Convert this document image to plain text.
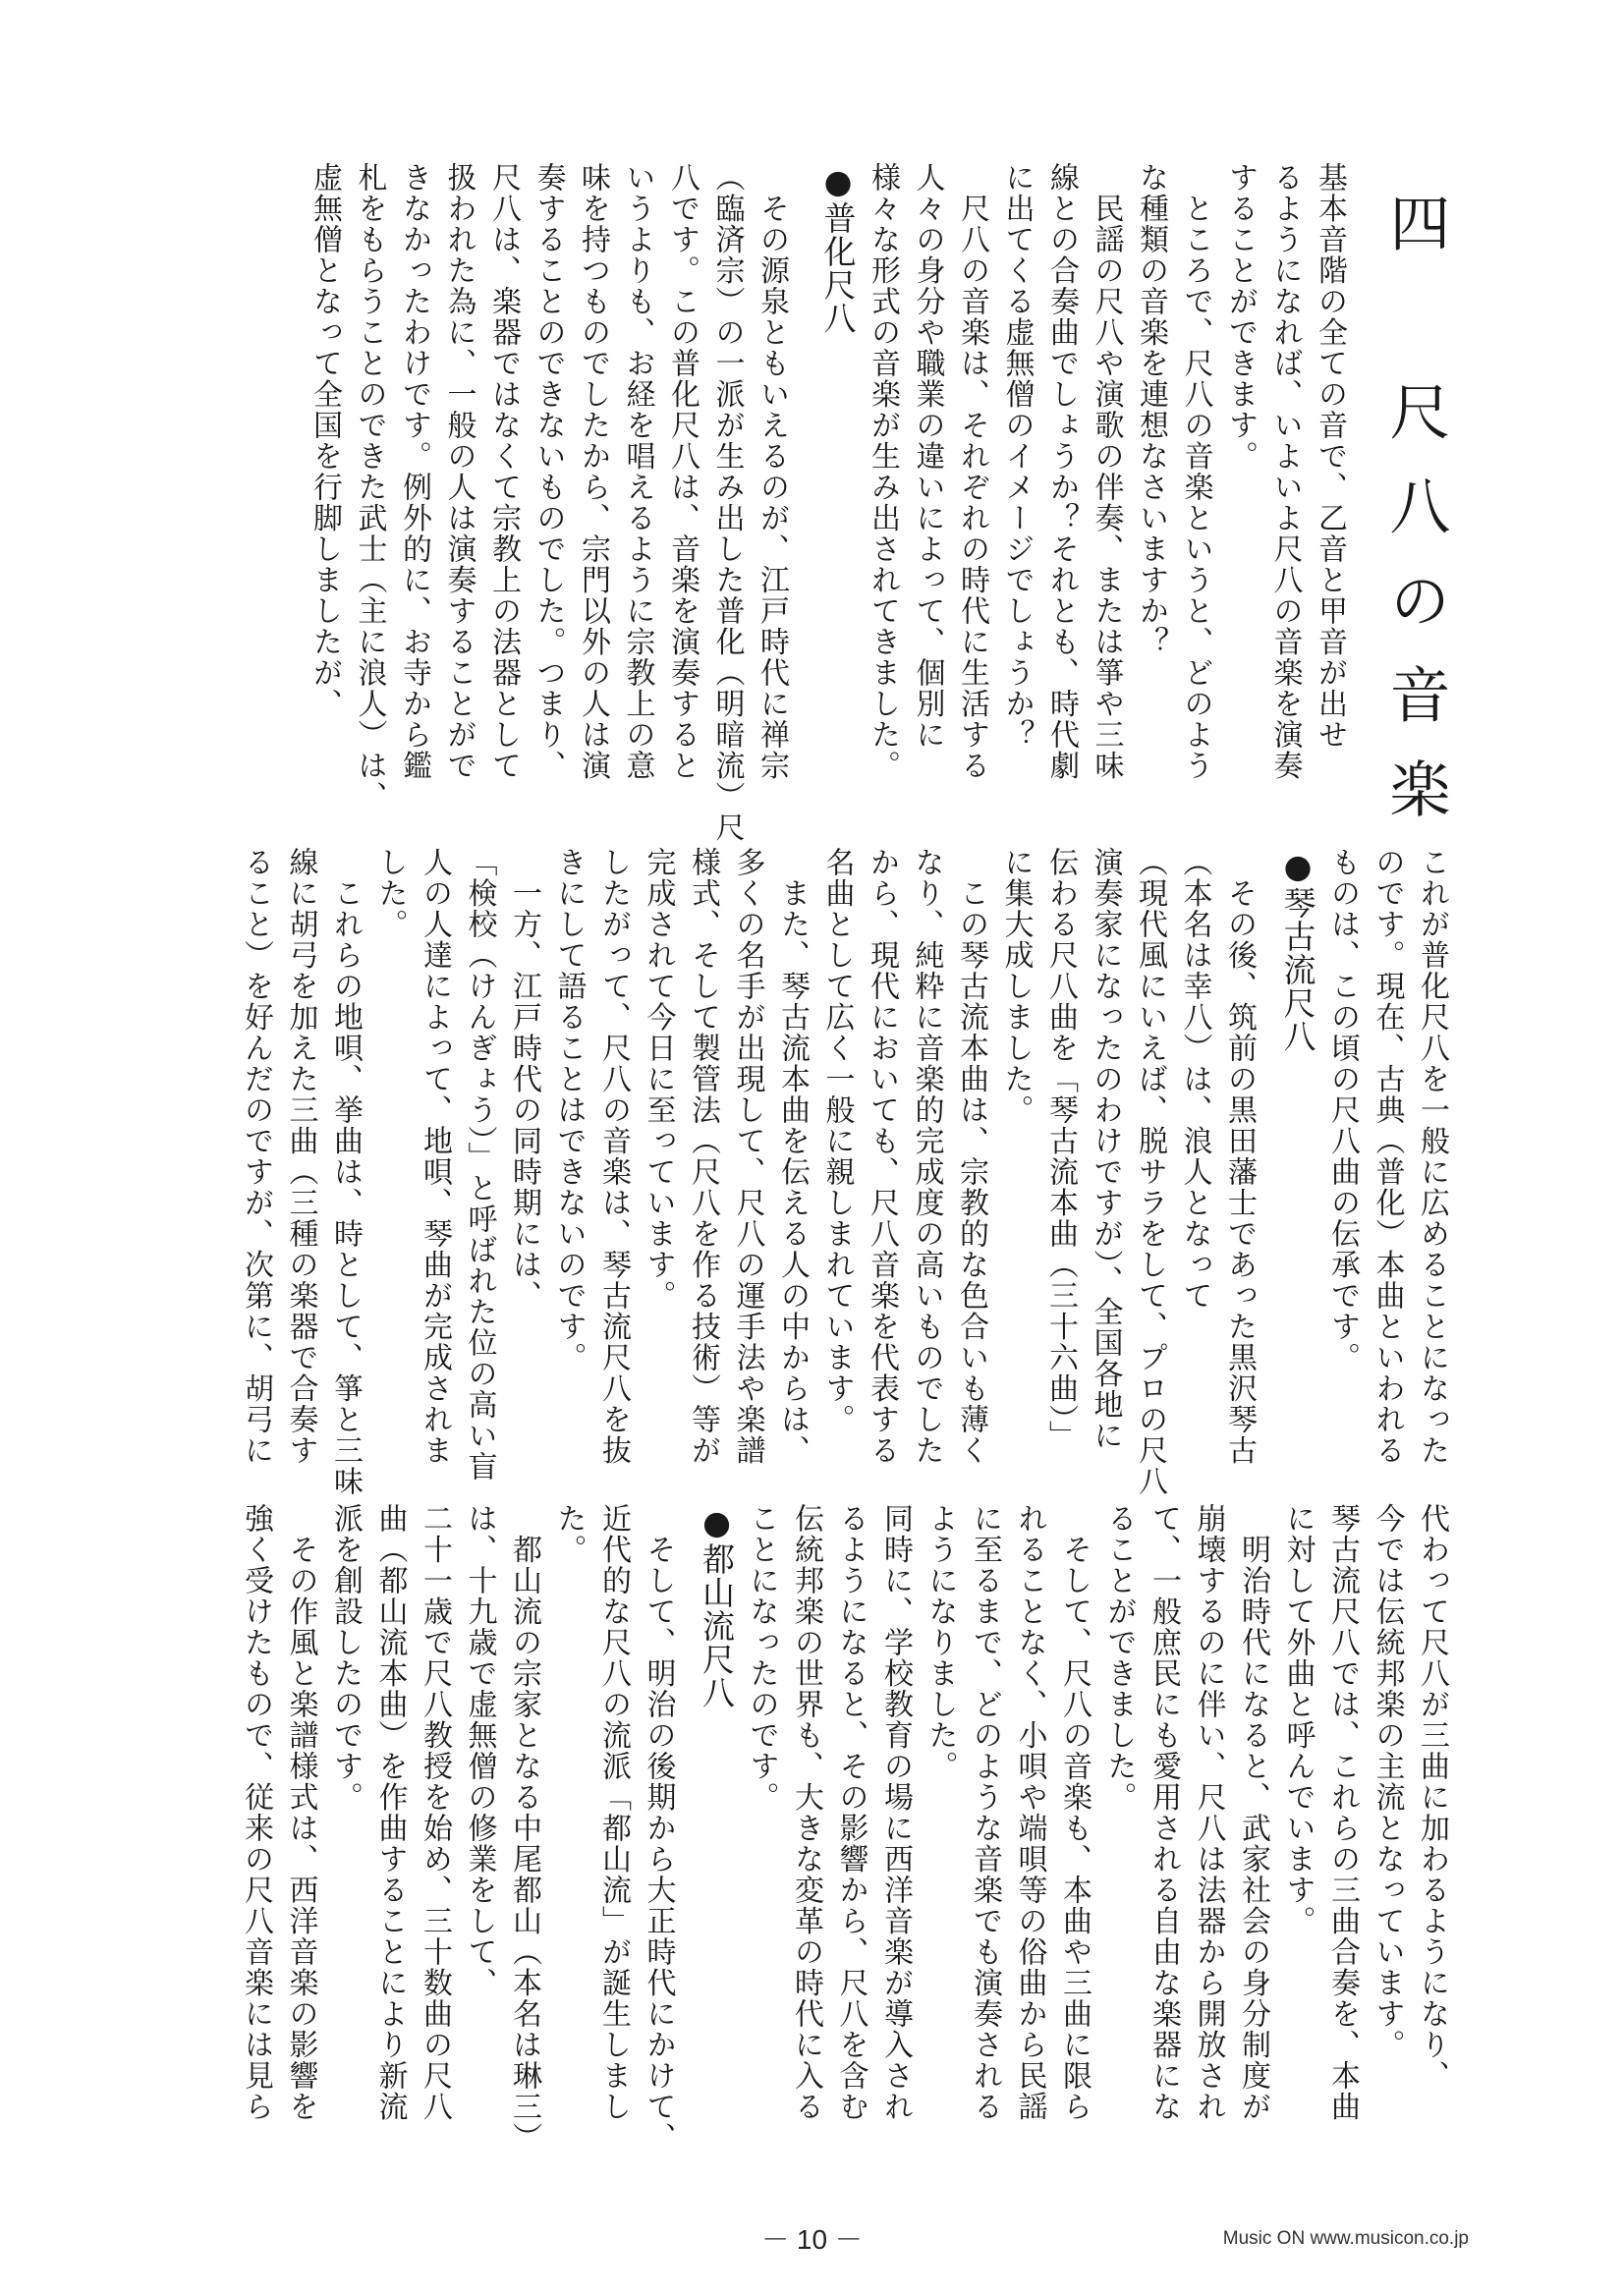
四　尺八の音楽
基本音階の全ての音で、乙音と甲音が出せ
るようになれば、いよいよ尺八の音楽を演奏
することができます。
　ところで、尺八の音楽というと、どのよう
な種類の音楽を連想なさいますか？
　民謡の尺八や演歌の伴奏、または箏や三味
線との合奏曲でしょうか？それとも、時代劇
に出てくる虚無僧のイメージでしょうか？
　尺八の音楽は、それぞれの時代に生活する
人々の身分や職業の違いによって、個別に
様々な形式の音楽が生み出されてきました。
●普化尺八
　その源泉ともいえるのが、江戸時代に禅宗
（臨済宗）の一派が生み出した普化（明暗流）尺
八です。この普化尺八は、音楽を演奏すると
いうよりも、お経を唱えるように宗教上の意
味を持つものでしたから、宗門以外の人は演
奏することのできないものでした。つまり、
尺八は、楽器ではなくて宗教上の法器として
扱われた為に、一般の人は演奏することがで
きなかったわけです。例外的に、お寺から鑑
札をもらうことのできた武士（主に浪人）は、
虚無僧となって全国を行脚しましたが、
これが普化尺八を一般に広めることになった
のです。現在、古典（普化）本曲といわれる
ものは、この頃の尺八曲の伝承です。
●琴古流尺八
　その後、筑前の黒田藩士であった黒沢琴古
（本名は幸八）は、浪人となって
（現代風にいえば、脱サラをして、プロの尺八
演奏家になったのわけですが）、全国各地に
伝わる尺八曲を「琴古流本曲（三十六曲）」
に集大成しました。
　この琴古流本曲は、宗教的な色合いも薄く
なり、純粋に音楽的完成度の高いものでした
から、現代においても、尺八音楽を代表する
名曲として広く一般に親しまれています。
　また、琴古流本曲を伝える人の中からは、
多くの名手が出現して、尺八の運手法や楽譜
様式、そして製管法（尺八を作る技術）等が
完成されて今日に至っています。
したがって、尺八の音楽は、琴古流尺八を抜
きにして語ることはできないのです。
　一方、江戸時代の同時期には、
「検校（けんぎょう）」と呼ばれた位の高い盲
人の人達によって、地唄、琴曲が完成されま
した。
　これらの地唄、挙曲は、時として、箏と三味
線に胡弓を加えた三曲（三種の楽器で合奏す
ること）を好んだのですが、次第に、胡弓に
代わって尺八が三曲に加わるようになり、
今では伝統邦楽の主流となっています。
琴古流尺八では、これらの三曲合奏を、本曲
に対して外曲と呼んでいます。
　明治時代になると、武家社会の身分制度が
崩壊するのに伴い、尺八は法器から開放され
て、一般庶民にも愛用される自由な楽器にな
ることができました。
　そして、尺八の音楽も、本曲や三曲に限ら
れることなく、小唄や端唄等の俗曲から民謡
に至るまで、どのような音楽でも演奏される
ようになりました。
同時に、学校教育の場に西洋音楽が導入され
るようになると、その影響から、尺八を含む
伝統邦楽の世界も、大きな変革の時代に入る
ことになったのです。
●都山流尺八
　そして、明治の後期から大正時代にかけて、
近代的な尺八の流派「都山流」が誕生しまし
た。
　都山流の宗家となる中尾都山（本名は琳三）
は、十九歳で虚無僧の修業をして、
二十一歳で尺八教授を始め、三十数曲の尺八
曲（都山流本曲）を作曲することにより新流
派を創設したのです。
　その作風と楽譜様式は、西洋音楽の影響を
強く受けたもので、従来の尺八音楽には見ら
－ 10 －	Music ON www.musicon.co.jp
